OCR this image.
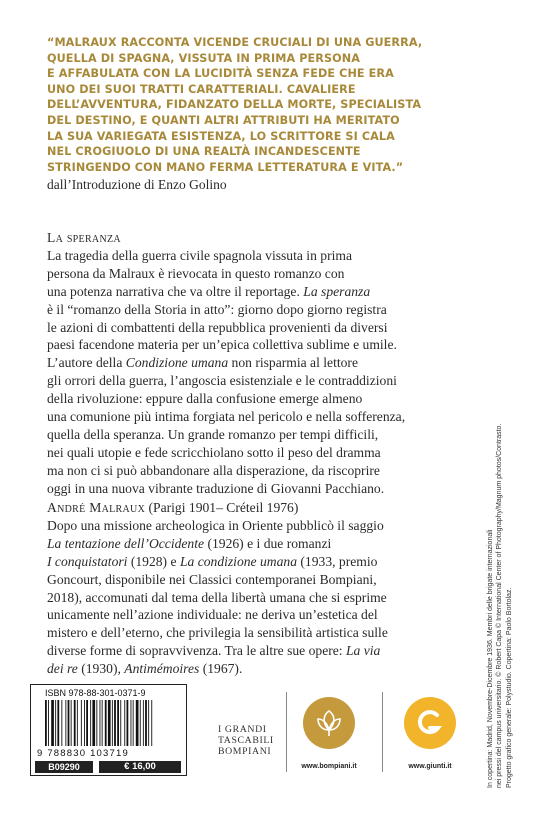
“MALRAUX RACCONTA VICENDE CRUCIALI DI UNA GUERRA,
QUELLA DI SPAGNA, VISSUTA IN PRIMA PERSONA
E AFFABULATA CON LA LUCIDITÀ SENZA FEDE CHE ERA
UNO DEI SUOI TRATTI CARATTERIALI. CAVALIERE
DELL’AVVENTURA, FIDANZATO DELLA MORTE, SPECIALISTA
DEL DESTINO, E QUANTI ALTRI ATTRIBUTI HA MERITATO
LA SUA VARIEGATA ESISTENZA, LO SCRITTORE SI CALA
NEL CROGIUOLO DI UNA REALTÀ INCANDESCENTE
STRINGENDO CON MANO FERMA LETTERATURA E VITA.”
dall’Introduzione di Enzo Golino
La speranza
La tragedia della guerra civile spagnola vissuta in prima
persona da Malraux è rievocata in questo romanzo con
una potenza narrativa che va oltre il reportage. La speranza
è il “romanzo della Storia in atto”: giorno dopo giorno registra
le azioni di combattenti della repubblica provenienti da diversi
paesi facendone materia per un’epica collettiva sublime e umile.
L’autore della Condizione umana non risparmia al lettore
gli orrori della guerra, l’angoscia esistenziale e le contraddizioni
della rivoluzione: eppure dalla confusione emerge almeno
una comunione più intima forgiata nel pericolo e nella sofferenza,
quella della speranza. Un grande romanzo per tempi difficili,
nei quali utopie e fede scricchiolano sotto il peso del dramma
ma non ci si può abbandonare alla disperazione, da riscoprire
oggi in una nuova vibrante traduzione di Giovanni Pacchiano.
André Malraux (Parigi 1901– Créteil 1976)
Dopo una missione archeologica in Oriente pubblicò il saggio
La tentazione dell’Occidente (1926) e i due romanzi
I conquistatori (1928) e La condizione umana (1933, premio
Goncourt, disponibile nei Classici contemporanei Bompiani,
2018), accomunati dal tema della libertà umana che si esprime
unicamente nell’azione individuale: ne deriva un’estetica del
mistero e dell’eterno, che privilegia la sensibilità artistica sulle
diverse forme di sopravvivenza. Tra le altre sue opere: La via
dei re (1930), Antimémoires (1967).	In copertina: Madrid, Novembre-Dicembre 1936. Membri delle brigate internazionali nei pressi del campus universitario. © Robert Capa © International Center of Photography/Magnum photos/Contrasto. Progetto grafico generale: Polystudio. Copertina: Paolo Bortolaz.
ISBN 978-88-301-0371-9
9 788830 103719
B09290	€ 16,00
I GRANDI
TASCABILI
BOMPIANI
www.bompiani.it	www.giunti.it
